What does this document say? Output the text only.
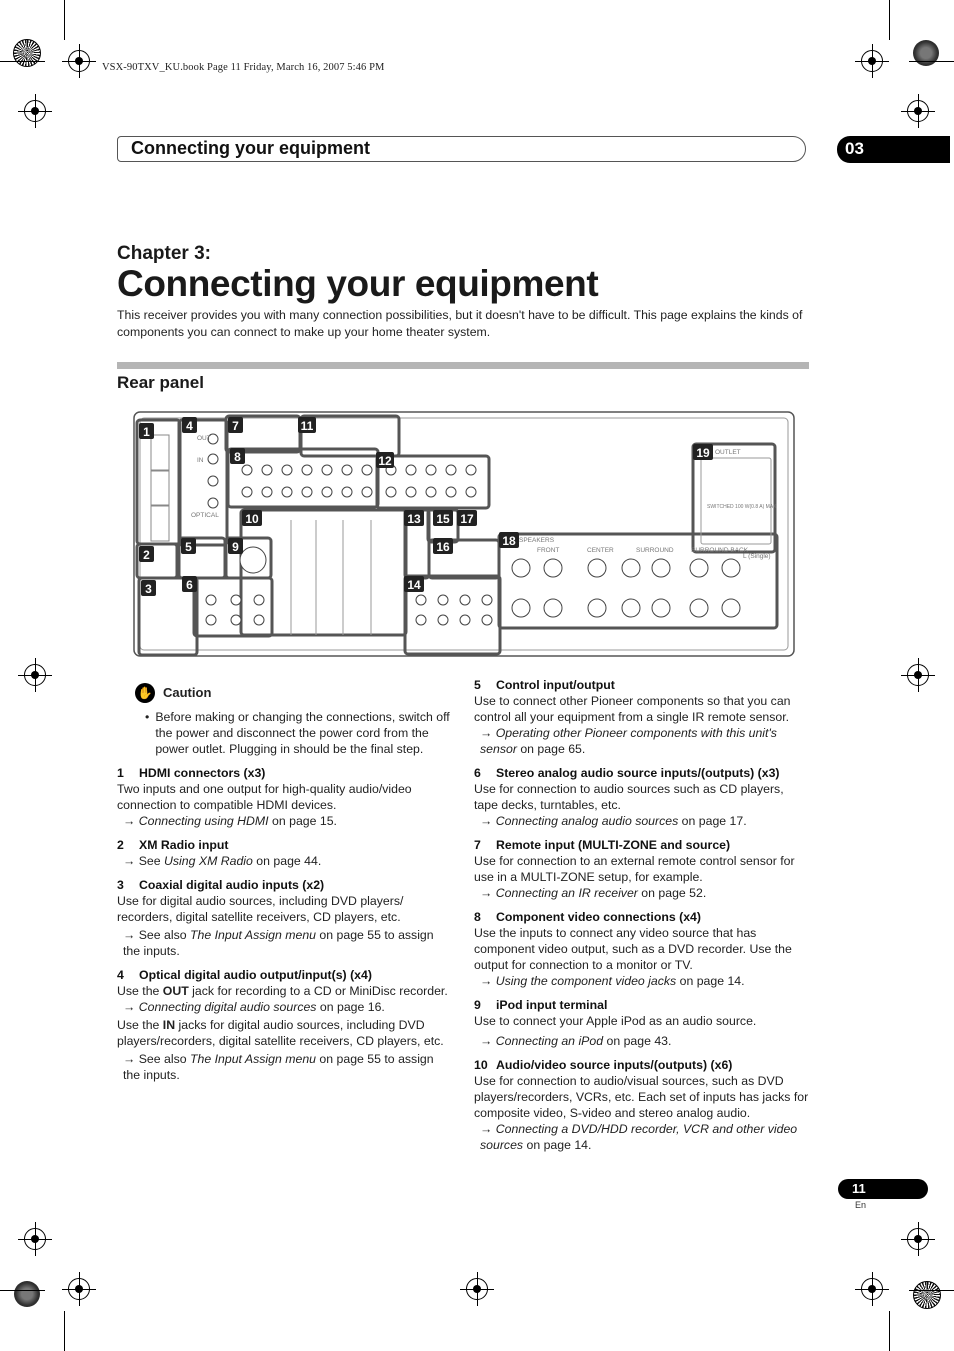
VSX-90TXV_KU.book Page 11 Friday, March 16, 2007 5:46 PM
Connecting your equipment	03
Chapter 3:
Connecting your equipment
This receiver provides you with many connection possibilities, but it doesn't have to be difficult. This page explains the kinds of components you can connect to make up your home theater system.
Rear panel
1
2
3
4
5
6
7
8
9
10
11
12
13
14
15
16
17
18
19
SPEAKERS
FRONT	CENTER	SURROUND	SURROUND BACK
L (Single)
OUTLET
SWITCHED 100 W(0.8 A) MAX
OPTICAL
OUT
IN
✋ Caution
• Before making or changing the connections, switch off the power and disconnect the power cord from the power outlet. Plugging in should be the final step.
1 HDMI connectors (x3)

Two inputs and one output for high-quality audio/video connection to compatible HDMI devices.

→ Connecting using HDMI on page 15.

2 XM Radio input

→ See Using XM Radio on page 44.

3 Coaxial digital audio inputs (x2)

Use for digital audio sources, including DVD players/ recorders, digital satellite receivers, CD players, etc.

→ See also The Input Assign menu on page 55 to assign the inputs.

4 Optical digital audio output/input(s) (x4)

Use the OUT jack for recording to a CD or MiniDisc recorder.

→ Connecting digital audio sources on page 16.

Use the IN jacks for digital audio sources, including DVD players/recorders, digital satellite receivers, CD players, etc.

→ See also The Input Assign menu on page 55 to assign the inputs.

5 Control input/output

Use to connect other Pioneer components so that you can control all your equipment from a single IR remote sensor.

→ Operating other Pioneer components with this unit's sensor on page 65.

6 Stereo analog audio source inputs/(outputs) (x3)

Use for connection to audio sources such as CD players, tape decks, turntables, etc.

→ Connecting analog audio sources on page 17.

7 Remote input (MULTI-ZONE and source)

Use for connection to an external remote control sensor for use in a MULTI-ZONE setup, for example.

→ Connecting an IR receiver on page 52.

8 Component video connections (x4)

Use the inputs to connect any video source that has component video output, such as a DVD recorder. Use the output for connection to a monitor or TV.

→ Using the component video jacks on page 14.

9 iPod input terminal

Use to connect your Apple iPod as an audio source.

→ Connecting an iPod on page 43.

10 Audio/video source inputs/(outputs) (x6)

Use for connection to audio/visual sources, such as DVD players/recorders, VCRs, etc. Each set of inputs has jacks for composite video, S-video and stereo analog audio.

→ Connecting a DVD/HDD recorder, VCR and other video sources on page 14.

11
En
